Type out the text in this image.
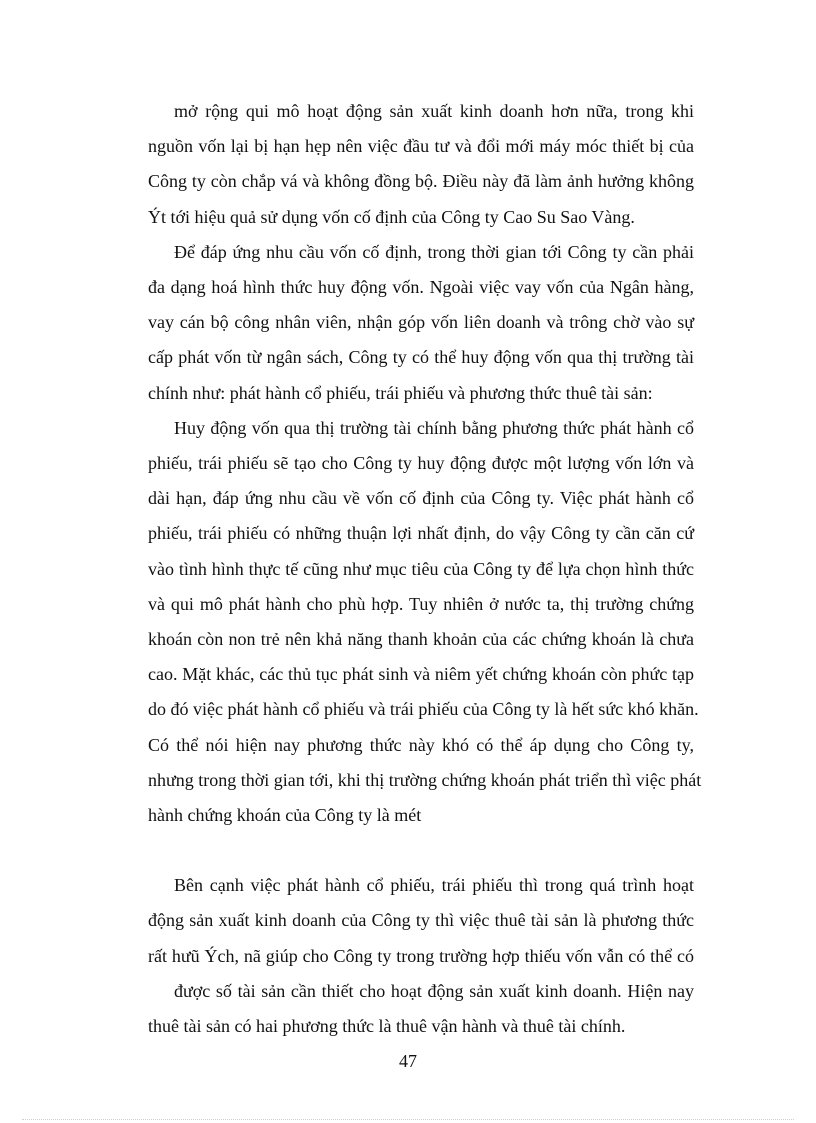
mở rộng qui mô hoạt động sản xuất kinh doanh hơn nữa, trong khi
nguồn vốn lại bị hạn hẹp nên việc đầu tư và đổi mới máy móc thiết bị của
Công ty còn chắp vá và không đồng bộ. Điều này đã làm ảnh hưởng không
Ýt tới hiệu quả sử dụng vốn cố định của Công ty Cao Su Sao Vàng.

Để đáp ứng nhu cầu vốn cố định, trong thời gian tới Công ty cần phải
đa dạng hoá hình thức huy động vốn. Ngoài việc vay vốn của Ngân hàng,
vay cán bộ công nhân viên, nhận góp vốn liên doanh và trông chờ vào sự
cấp phát vốn từ ngân sách, Công ty có thể huy động vốn qua thị trường tài
chính như: phát hành cổ phiếu, trái phiếu và phương thức thuê tài sản:

Huy động vốn qua thị trường tài chính bằng phương thức phát hành cổ
phiếu, trái phiếu sẽ tạo cho Công ty huy động được một lượng vốn lớn và
dài hạn, đáp ứng nhu cầu về vốn cố định của Công ty. Việc phát hành cổ
phiếu, trái phiếu có những thuận lợi nhất định, do vậy Công ty cần căn cứ
vào tình hình thực tế cũng như mục tiêu của Công ty để lựa chọn hình thức
và qui mô phát hành cho phù hợp. Tuy nhiên ở nước ta, thị trường chứng
khoán còn non trẻ nên khả năng thanh khoản của các chứng khoán là chưa
cao. Mặt khác, các thủ tục phát sinh và niêm yết chứng khoán còn phức tạp
do đó việc phát hành cổ phiếu và trái phiếu của Công ty là hết sức khó khăn.
Có thể nói hiện nay phương thức này khó có thể áp dụng cho Công ty,
nhưng trong thời gian tới, khi thị trường chứng khoán phát triển thì việc phát
hành chứng khoán của Công ty là mét

Bên cạnh việc phát hành cổ phiếu, trái phiếu thì trong quá trình hoạt
động sản xuất kinh doanh của Công ty thì việc thuê tài sản là phương thức
rất hưũ Ých, nã giúp cho Công ty trong trường hợp thiếu vốn vẫn có thể có
được số tài sản cần thiết cho hoạt động sản xuất kinh doanh. Hiện nay
thuê tài sản có hai phương thức là thuê vận hành và thuê tài chính.

47
